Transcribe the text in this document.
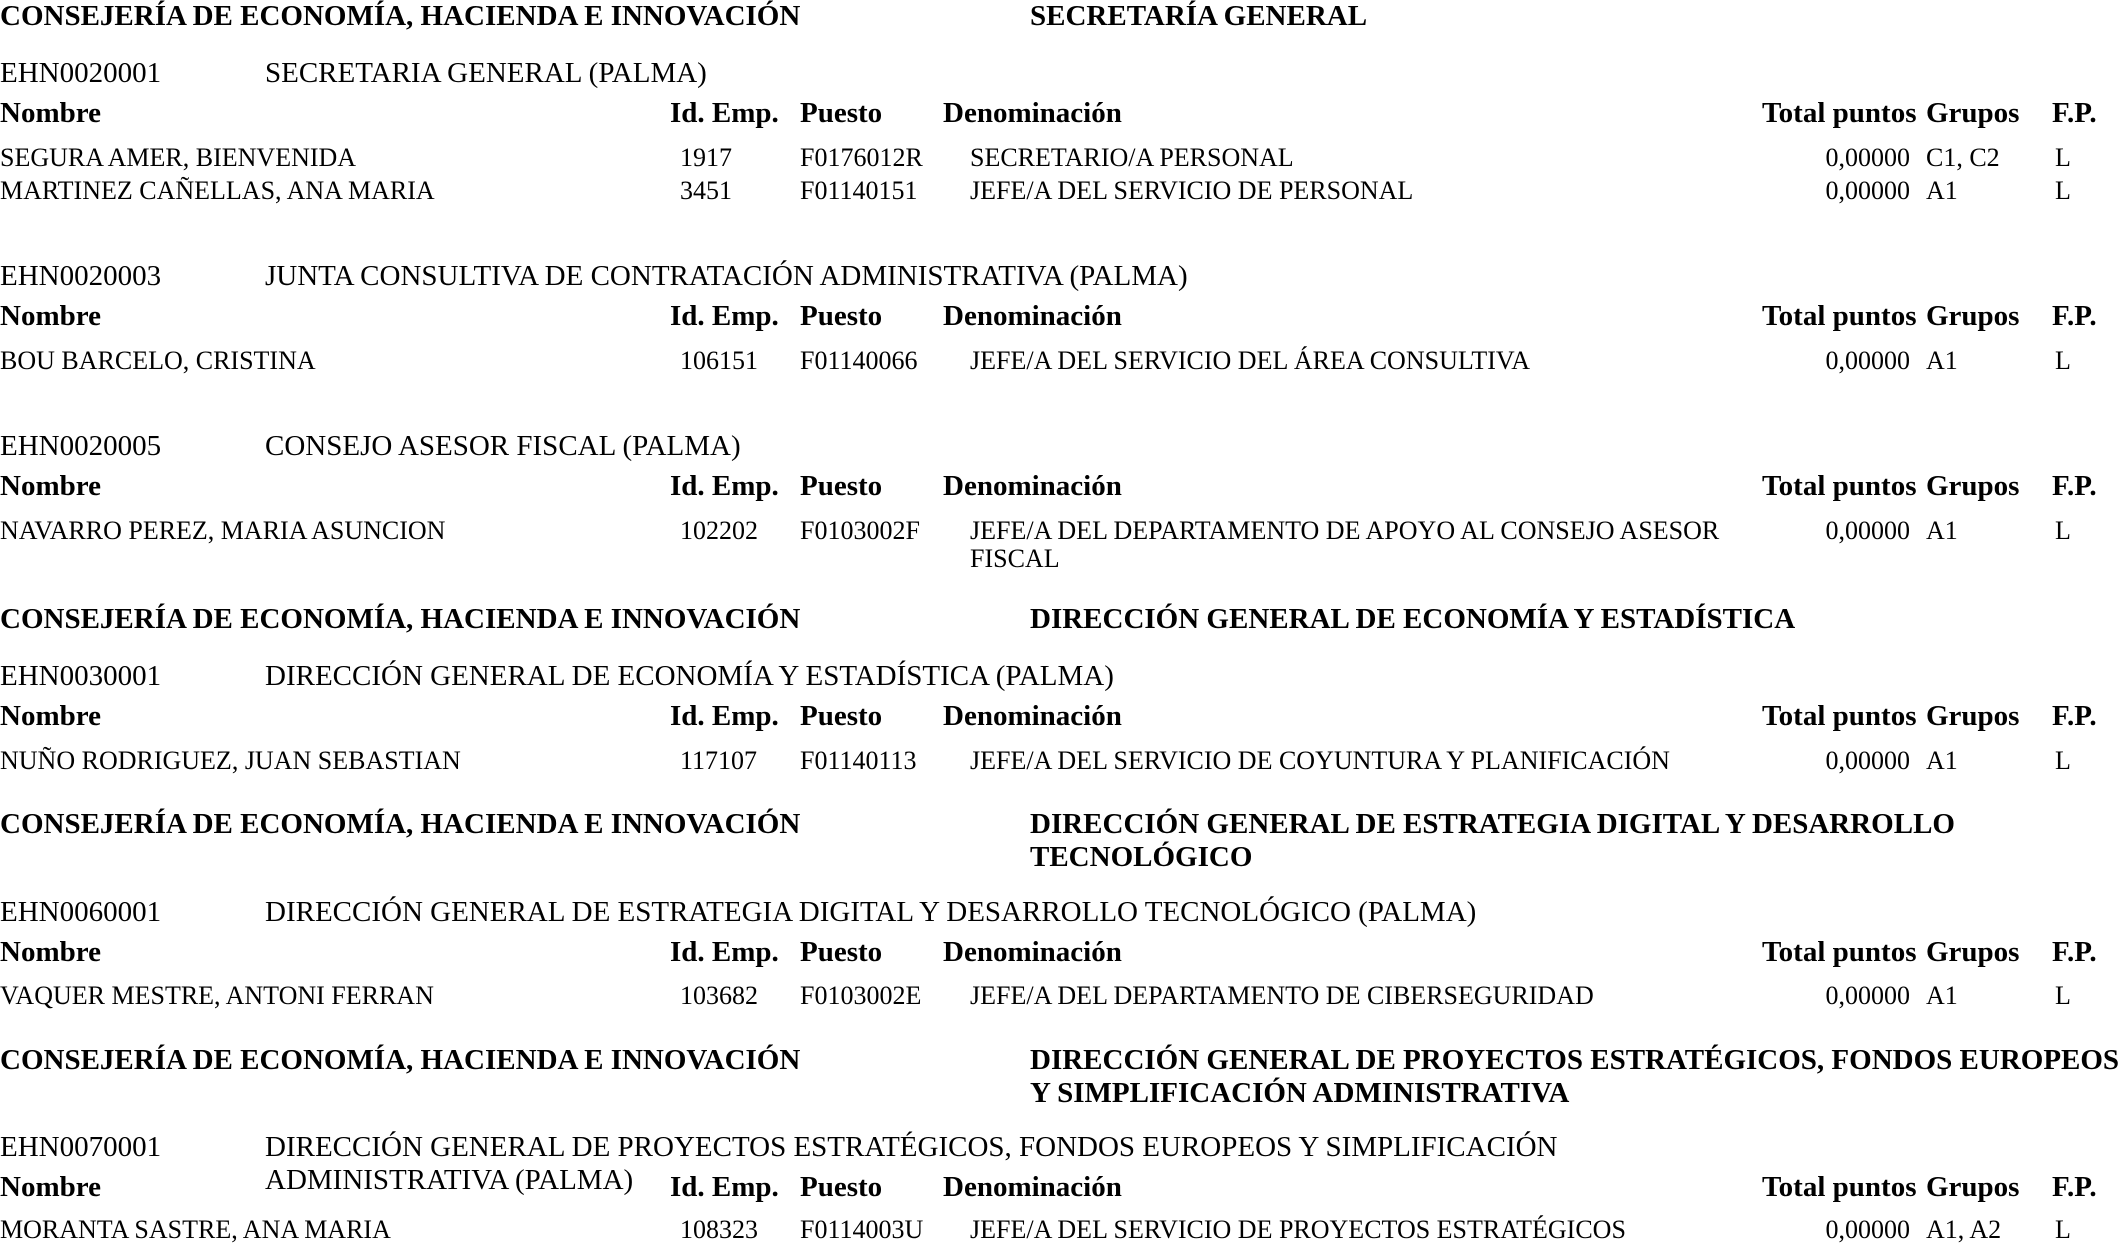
CONSEJERÍA DE ECONOMÍA, HACIENDA E INNOVACIÓN	SECRETARÍA GENERAL
EHN0020001	SECRETARIA GENERAL (PALMA)
Nombre	Id. Emp. Puesto Denominación	Total puntos Grupos F.P.
SEGURA AMER, BIENVENIDA	1917	F0176012R SECRETARIO/A PERSONAL	0,00000 C1, C2 L
MARTINEZ CAÑELLAS, ANA MARIA	3451	F01140151 JEFE/A DEL SERVICIO DE PERSONAL	0,00000 A1	L
EHN0020003	JUNTA CONSULTIVA DE CONTRATACIÓN ADMINISTRATIVA (PALMA)
Nombre	Id. Emp. Puesto Denominación	Total puntos Grupos F.P.
BOU BARCELO, CRISTINA	106151 F01140066 JEFE/A DEL SERVICIO DEL ÁREA CONSULTIVA	0,00000 A1	L
EHN0020005	CONSEJO ASESOR FISCAL (PALMA)
Nombre	Id. Emp. Puesto Denominación	Total puntos Grupos F.P.
NAVARRO PEREZ, MARIA ASUNCION	102202 F0103002F JEFE/A DEL DEPARTAMENTO DE APOYO AL CONSEJO ASESOR FISCAL
0,00000 A1	L
CONSEJERÍA DE ECONOMÍA, HACIENDA E INNOVACIÓN	DIRECCIÓN GENERAL DE ECONOMÍA Y ESTADÍSTICA
EHN0030001	DIRECCIÓN GENERAL DE ECONOMÍA Y ESTADÍSTICA (PALMA)
Nombre	Id. Emp. Puesto Denominación	Total puntos Grupos F.P.
NUÑO RODRIGUEZ, JUAN SEBASTIAN	117107 F01140113 JEFE/A DEL SERVICIO DE COYUNTURA Y PLANIFICACIÓN	0,00000 A1	L
CONSEJERÍA DE ECONOMÍA, HACIENDA E INNOVACIÓN	DIRECCIÓN GENERAL DE ESTRATEGIA DIGITAL Y DESARROLLO TECNOLÓGICO
EHN0060001	DIRECCIÓN GENERAL DE ESTRATEGIA DIGITAL Y DESARROLLO TECNOLÓGICO (PALMA)
Nombre	Id. Emp. Puesto Denominación	Total puntos Grupos F.P.
VAQUER MESTRE, ANTONI FERRAN	103682 F0103002E JEFE/A DEL DEPARTAMENTO DE CIBERSEGURIDAD	0,00000 A1	L
CONSEJERÍA DE ECONOMÍA, HACIENDA E INNOVACIÓN	DIRECCIÓN GENERAL DE PROYECTOS ESTRATÉGICOS, FONDOS EUROPEOS Y SIMPLIFICACIÓN ADMINISTRATIVA
EHN0070001	DIRECCIÓN GENERAL DE PROYECTOS ESTRATÉGICOS, FONDOS EUROPEOS Y SIMPLIFICACIÓN ADMINISTRATIVA (PALMA)
Nombre	Id. Emp. Puesto Denominación	Total puntos Grupos F.P.
MORANTA SASTRE, ANA MARIA	108323 F0114003U JEFE/A DEL SERVICIO DE PROYECTOS ESTRATÉGICOS	0,00000 A1, A2 L
